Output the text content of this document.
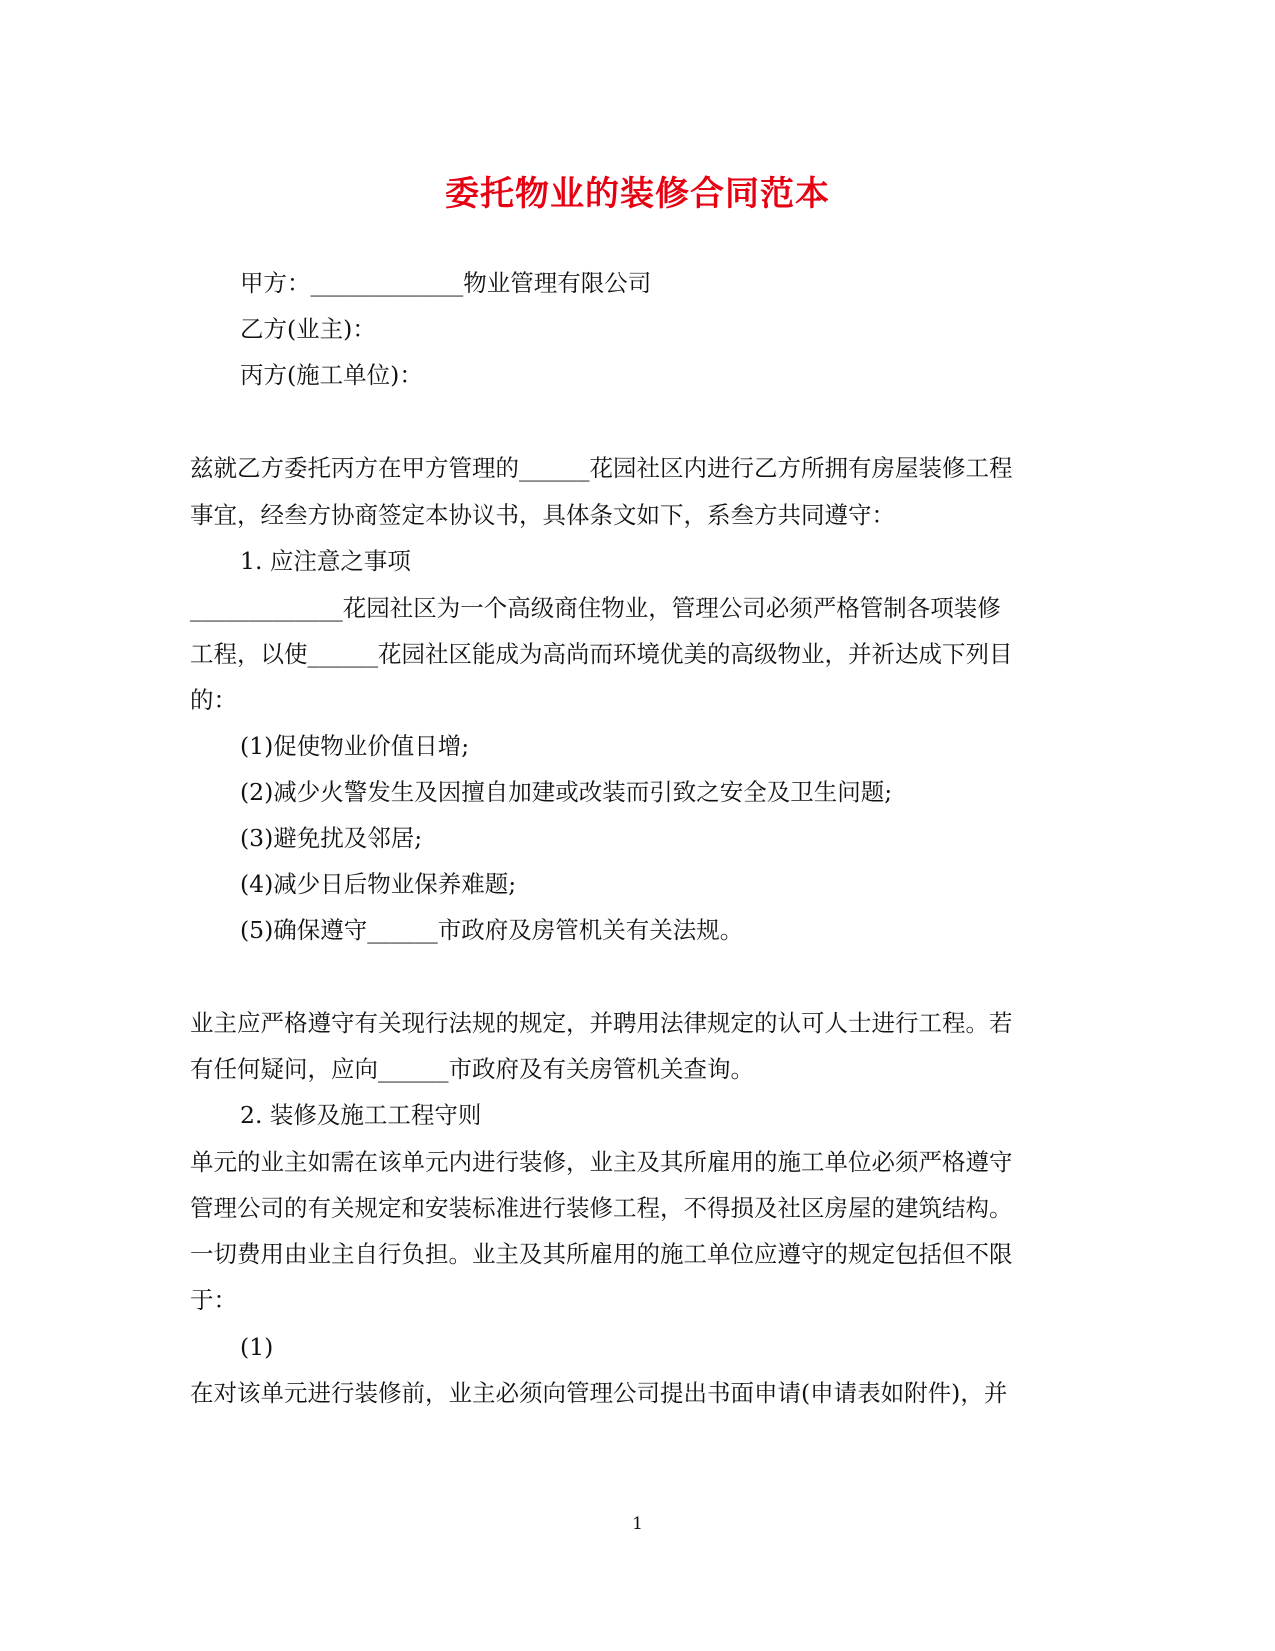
委托物业的装修合同范本
甲方：_____________物业管理有限公司
乙方(业主)：
丙方(施工单位)：
兹就乙方委托丙方在甲方管理的______花园社区内进行乙方所拥有房屋装修工程
事宜，经叁方协商签定本协议书，具体条文如下，系叁方共同遵守：
1. 应注意之事项
_____________花园社区为一个高级商住物业，管理公司必须严格管制各项装修
工程，以使______花园社区能成为高尚而环境优美的高级物业，并祈达成下列目
的：
(1)促使物业价值日增;
(2)减少火警发生及因擅自加建或改装而引致之安全及卫生问题;
(3)避免扰及邻居;
(4)减少日后物业保养难题;
(5)确保遵守______市政府及房管机关有关法规。
业主应严格遵守有关现行法规的规定，并聘用法律规定的认可人士进行工程。若
有任何疑问，应向______市政府及有关房管机关查询。
2. 装修及施工工程守则
单元的业主如需在该单元内进行装修，业主及其所雇用的施工单位必须严格遵守
管理公司的有关规定和安装标准进行装修工程，不得损及社区房屋的建筑结构。
一切费用由业主自行负担。业主及其所雇用的施工单位应遵守的规定包括但不限
于：
(1)
在对该单元进行装修前，业主必须向管理公司提出书面申请(申请表如附件)，并
1
